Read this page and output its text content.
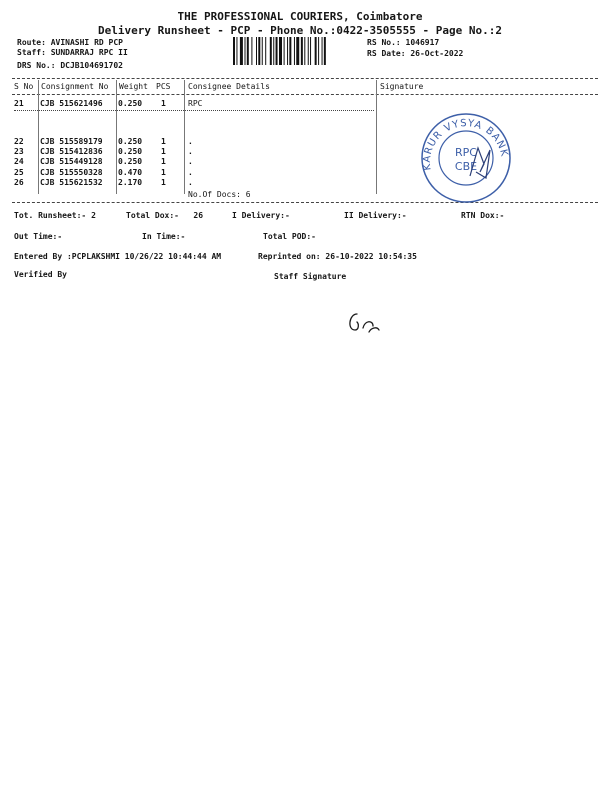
THE PROFESSIONAL COURIERS, Coimbatore
Delivery Runsheet - PCP - Phone No.:0422-3505555 - Page No.:2
Route: AVINASHI RD PCP
Staff: SUNDARRAJ RPC II
DRS No.: DCJB104691702
RS No.: 1046917
RS Date: 26-Oct-2022
S No Consignment No Weight PCS Consignee Details	Signature
21 CJB 515621496 0.250 1	RPC
22 CJB 515589179 0.250 1	.
23 CJB 515412836 0.250 1	.
24 CJB 515449128 0.250 1	.
25 CJB 515550328 0.470 1	.
26 CJB 515621532 2.170 1	.
No.Of Docs: 6
KARUR VYSYA BANK
RPC
CBE
Tot. Runsheet:- 2	Total Dox:-   26	I Delivery:-	II Delivery:-	RTN Dox:-
Out Time:-	In Time:-	Total POD:-
Entered By :PCPLAKSHMI 10/26/22 10:44:44 AM	Reprinted on: 26-10-2022 10:54:35
Verified By	Staff Signature
